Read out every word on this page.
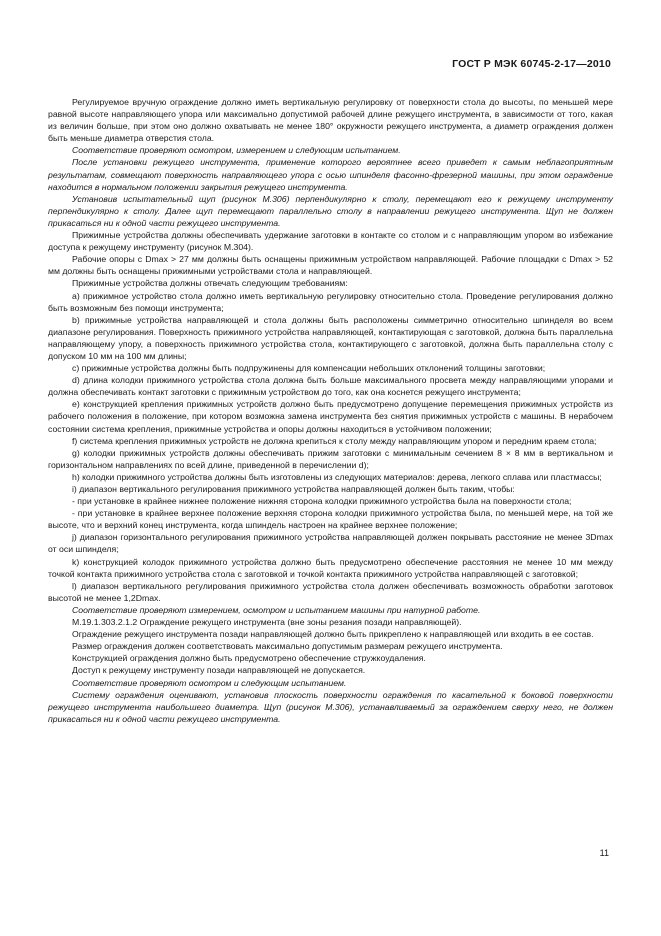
ГОСТ Р МЭК 60745-2-17—2010

Регулируемое вручную ограждение должно иметь вертикальную регулировку от поверхности стола до высоты, по меньшей мере равной высоте направляющего упора или максимально допустимой рабочей длине режущего инструмента, в зависимости от того, какая из величин больше, при этом оно должно охватывать не менее 180° окружности режущего инструмента, а диаметр ограждения должен быть меньше диаметра отверстия стола.

Соответствие проверяют осмотром, измерением и следующим испытанием.

После установки режущего инструмента, применение которого вероятнее всего приведет к самым неблагоприятным результатам, совмещают поверхность направляющего упора с осью шпинделя фасонно-фрезерной машины, при этом ограждение находится в нормальном положении закрытия режущего инструмента.

Установив испытательный щуп (рисунок М.306) перпендикулярно к столу, перемещают его к режущему инструменту перпендикулярно к столу. Далее щуп перемещают параллельно столу в направлении режущего инструмента. Щуп не должен прикасаться ни к одной части режущего инструмента.

Прижимные устройства должны обеспечивать удержание заготовки в контакте со столом и с направляющим упором во избежание доступа к режущему инструменту (рисунок М.304).

Рабочие опоры с Dmax > 27 мм должны быть оснащены прижимным устройством направляющей. Рабочие площадки с Dmax > 52 мм должны быть оснащены прижимными устройствами стола и направляющей.

Прижимные устройства должны отвечать следующим требованиям:

a) прижимное устройство стола должно иметь вертикальную регулировку относительно стола. Проведение регулирования должно быть возможным без помощи инструмента;

b) прижимные устройства направляющей и стола должны быть расположены симметрично относительно шпинделя во всем диапазоне регулирования. Поверхность прижимного устройства направляющей, контактирующая с заготовкой, должна быть параллельна направляющему упору, а поверхность прижимного устройства стола, контактирующего с заготовкой, должна быть параллельна столу с допуском 10 мм на 100 мм длины;

c) прижимные устройства должны быть подпружинены для компенсации небольших отклонений толщины заготовки;

d) длина колодки прижимного устройства стола должна быть больше максимального просвета между направляющими упорами и должна обеспечивать контакт заготовки с прижимным устройством до того, как она коснется режущего инструмента;

e) конструкцией крепления прижимных устройств должно быть предусмотрено допущение перемещения прижимных устройств из рабочего положения в положение, при котором возможна замена инструмента без снятия прижимных устройств с машины. В нерабочем состоянии система крепления, прижимные устройства и опоры должны находиться в устойчивом положении;

f) система крепления прижимных устройств не должна крепиться к столу между направляющим упором и передним краем стола;

g) колодки прижимных устройств должны обеспечивать прижим заготовки с минимальным сечением 8 × 8 мм в вертикальном и горизонтальном направлениях по всей длине, приведенной в перечислении d);

h) колодки прижимного устройства должны быть изготовлены из следующих материалов: дерева, легкого сплава или пластмассы;

i) диапазон вертикального регулирования прижимного устройства направляющей должен быть таким, чтобы:

- при установке в крайнее нижнее положение нижняя сторона колодки прижимного устройства была на поверхности стола;

- при установке в крайнее верхнее положение верхняя сторона колодки прижимного устройства была, по меньшей мере, на той же высоте, что и верхний конец инструмента, когда шпиндель настроен на крайнее верхнее положение;

j) диапазон горизонтального регулирования прижимного устройства направляющей должен покрывать расстояние не менее 3Dmax от оси шпинделя;

k) конструкцией колодок прижимного устройства должно быть предусмотрено обеспечение расстояния не менее 10 мм между точкой контакта прижимного устройства стола с заготовкой и точкой контакта прижимного устройства направляющей с заготовкой;

l) диапазон вертикального регулирования прижимного устройства стола должен обеспечивать возможность обработки заготовок высотой не менее 1,2Dmax.

Соответствие проверяют измерением, осмотром и испытанием машины при натурной работе.

М.19.1.303.2.1.2 Ограждение режущего инструмента (вне зоны резания позади направляющей).

Ограждение режущего инструмента позади направляющей должно быть прикреплено к направляющей или входить в ее состав.

Размер ограждения должен соответствовать максимально допустимым размерам режущего инструмента.

Конструкцией ограждения должно быть предусмотрено обеспечение стружкоудаления.

Доступ к режущему инструменту позади направляющей не допускается.

Соответствие проверяют осмотром и следующим испытанием.

Систему ограждения оценивают, установив плоскость поверхности ограждения по касательной к боковой поверхности режущего инструмента наибольшего диаметра. Щуп (рисунок М.306), устанавливаемый за ограждением сверху него, не должен прикасаться ни к одной части режущего инструмента.

11
